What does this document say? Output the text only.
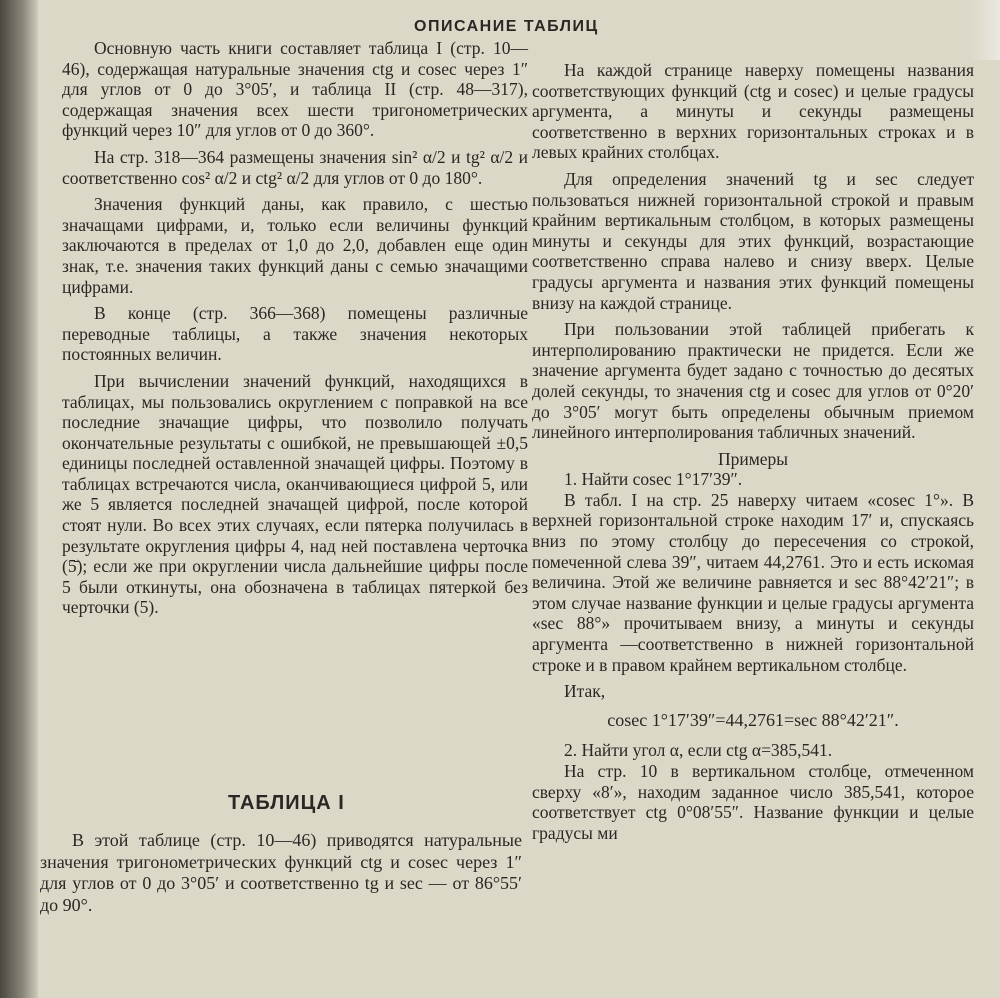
ОПИСАНИЕ ТАБЛИЦ

Основную часть книги составляет таблица I (стр. 10—46), содержащая натуральные значения ctg и cosec через 1″ для углов от 0 до 3°05′, и таблица II (стр. 48—317), содержащая значения всех шести тригонометрических функций через 10″ для углов от 0 до 360°.

На стр. 318—364 размещены значения sin² α/2 и tg² α/2 и соответственно cos² α/2 и ctg² α/2 для углов от 0 до 180°.

Значения функций даны, как правило, с шестью значащами цифрами, и, только если величины функций заключаются в пределах от 1,0 до 2,0, добавлен еще один знак, т.е. значения таких функций даны с семью значащими цифрами.

В конце (стр. 366—368) помещены различные переводные таблицы, а также значения некоторых постоянных величин.

При вычислении значений функций, находящихся в таблицах, мы пользовались округлением с поправкой на все последние значащие цифры, что позволило получать окончательные результаты с ошибкой, не превышающей ±0,5 единицы последней оставленной значащей цифры. Поэтому в таблицах встречаются числа, оканчивающиеся цифрой 5, или же 5 является последней значащей цифрой, после которой стоят нули. Во всех этих случаях, если пятерка получилась в результате округления цифры 4, над ней поставлена черточка (5̄); если же при округлении числа дальнейшие цифры после 5 были откинуты, она обозначена в таблицах пятеркой без черточки (5).

ТАБЛИЦА I

В этой таблице (стр. 10—46) приводятся натуральные значения тригонометрических функций ctg и cosec через 1″ для углов от 0 до 3°05′ и соответственно tg и sec — от 86°55′ до 90°.

На каждой странице наверху помещены названия соответствующих функций (ctg и cosec) и целые градусы аргумента, а минуты и секунды размещены соответственно в верхних горизонтальных строках и в левых крайних столбцах.

Для определения значений tg и sec следует пользоваться нижней горизонтальной строкой и правым крайним вертикальным столбцом, в которых размещены минуты и секунды для этих функций, возрастающие соответственно справа налево и снизу вверх. Целые градусы аргумента и названия этих функций помещены внизу на каждой странице.

При пользовании этой таблицей прибегать к интерполированию практически не придется. Если же значение аргумента будет задано с точностью до десятых долей секунды, то значения ctg и cosec для углов от 0°20′ до 3°05′ могут быть определены обычным приемом линейного интерполирования табличных значений.

Примеры

1. Найти cosec 1°17′39″.

В табл. I на стр. 25 наверху читаем «cosec 1°». В верхней горизонтальной строке находим 17′ и, спускаясь вниз по этому столбцу до пересечения со строкой, помеченной слева 39″, читаем 44,2761. Это и есть искомая величина. Этой же величине равняется и sec 88°42′21″; в этом случае название функции и целые градусы аргумента «sec 88°» прочитываем внизу, а минуты и секунды аргумента —соответственно в нижней горизонтальной строке и в правом крайнем вертикальном столбце.

Итак,

cosec 1°17′39″=44,2761=sec 88°42′21″.

2. Найти угол α, если ctg α=385,541.

На стр. 10 в вертикальном столбце, отмеченном сверху «8′», находим заданное число 385,541, которое соответствует ctg 0°08′55″. Название функции и целые градусы ми
